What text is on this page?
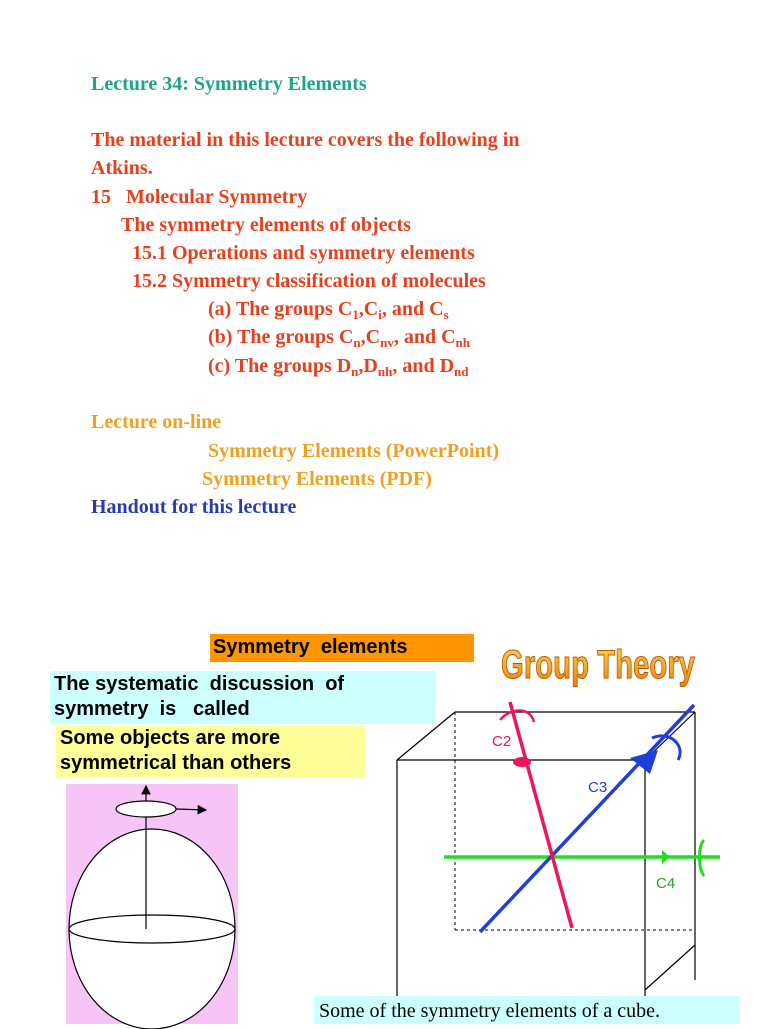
Lecture 34: Symmetry Elements
The material in this lecture covers the following in
Atkins.
15   Molecular Symmetry
The symmetry elements of objects
15.1 Operations and symmetry elements
15.2 Symmetry classification of molecules
(a) The groups $C_1,C_i$, and $C_s$
(b) The groups $C_n,C_{nv}$, and $C_{nh}$
(c) The groups $D_n,D_{nh}$, and $D_{nd}$
Lecture on-line
Symmetry Elements (PowerPoint)
Symmetry Elements (PDF)
Handout for this lecture
Symmetry  elements	Group Theory
The systematic  discussion  of
symmetry  is   called
Some objects are more
symmetrical than others
C2
C3
C4
Some of the symmetry elements of a cube.
